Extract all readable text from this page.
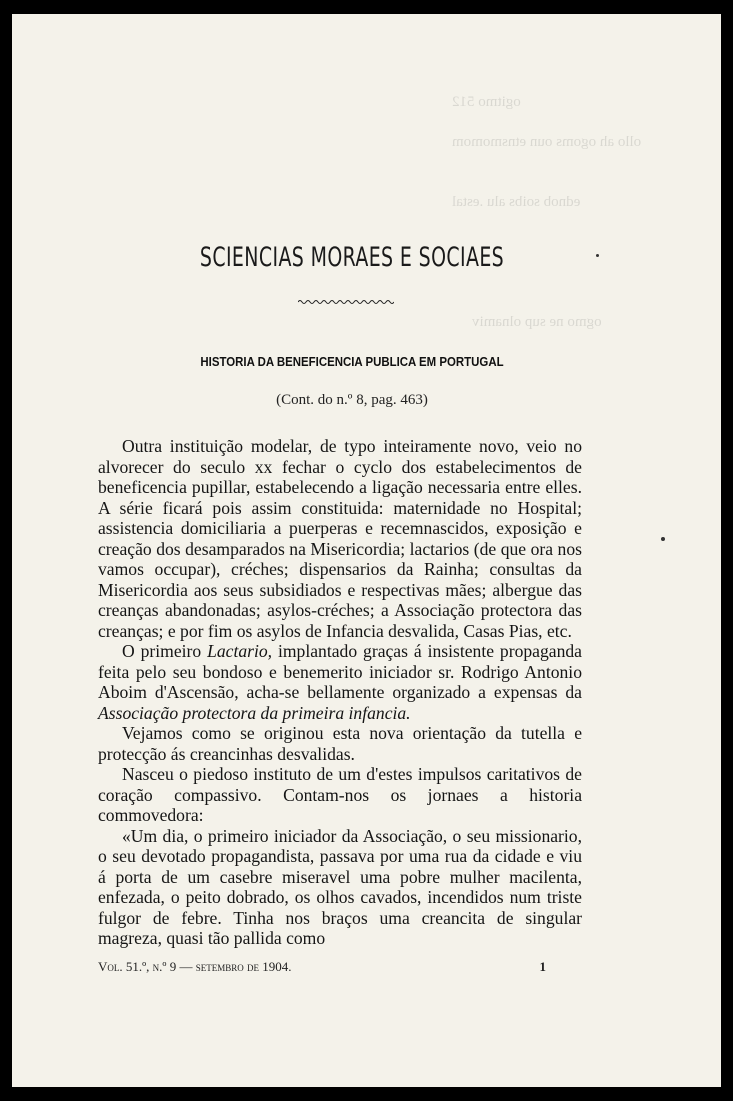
ogitmo 512
ollo ah ogoms oun etnsmomom
ednob soibs alu .estal
ogmo ne sup olnamiv
SCIENCIAS MORAES E SOCIAES
HISTORIA DA BENEFICENCIA PUBLICA EM PORTUGAL
(Cont. do n.º 8, pag. 463)

Outra instituição modelar, de typo inteiramente novo, veio no alvorecer do seculo xx fechar o cyclo dos estabelecimentos de beneficencia pupillar, estabelecendo a ligação necessaria entre elles. A série ficará pois assim constituida: maternidade no Hospital; assistencia domiciliaria a puerperas e recemnascidos, exposição e creação dos desamparados na Misericordia; lactarios (de que ora nos vamos occupar), créches; dispensarios da Rainha; consultas da Misericordia aos seus subsidiados e respectivas mães; albergue das creanças abandonadas; asylos-créches; a Associação protectora das creanças; e por fim os asylos de Infancia desvalida, Casas Pias, etc.

O primeiro Lactario, implantado graças á insistente propaganda feita pelo seu bondoso e benemerito iniciador sr. Rodrigo Antonio Aboim d'Ascensão, acha-se bellamente organizado a expensas da Associação protectora da primeira infancia.

Vejamos como se originou esta nova orientação da tutella e protecção ás creancinhas desvalidas.

Nasceu o piedoso instituto de um d'estes impulsos caritativos de coração compassivo. Contam-nos os jornaes a historia commovedora:

«Um dia, o primeiro iniciador da Associação, o seu missionario, o seu devotado propagandista, passava por uma rua da cidade e viu á porta de um casebre miseravel uma pobre mulher macilenta, enfezada, o peito dobrado, os olhos cavados, incendidos num triste fulgor de febre. Tinha nos braços uma creancita de singular magreza, quasi tão pallida como

Vol. 51.º, n.º 9 — setembro de 1904.	1
